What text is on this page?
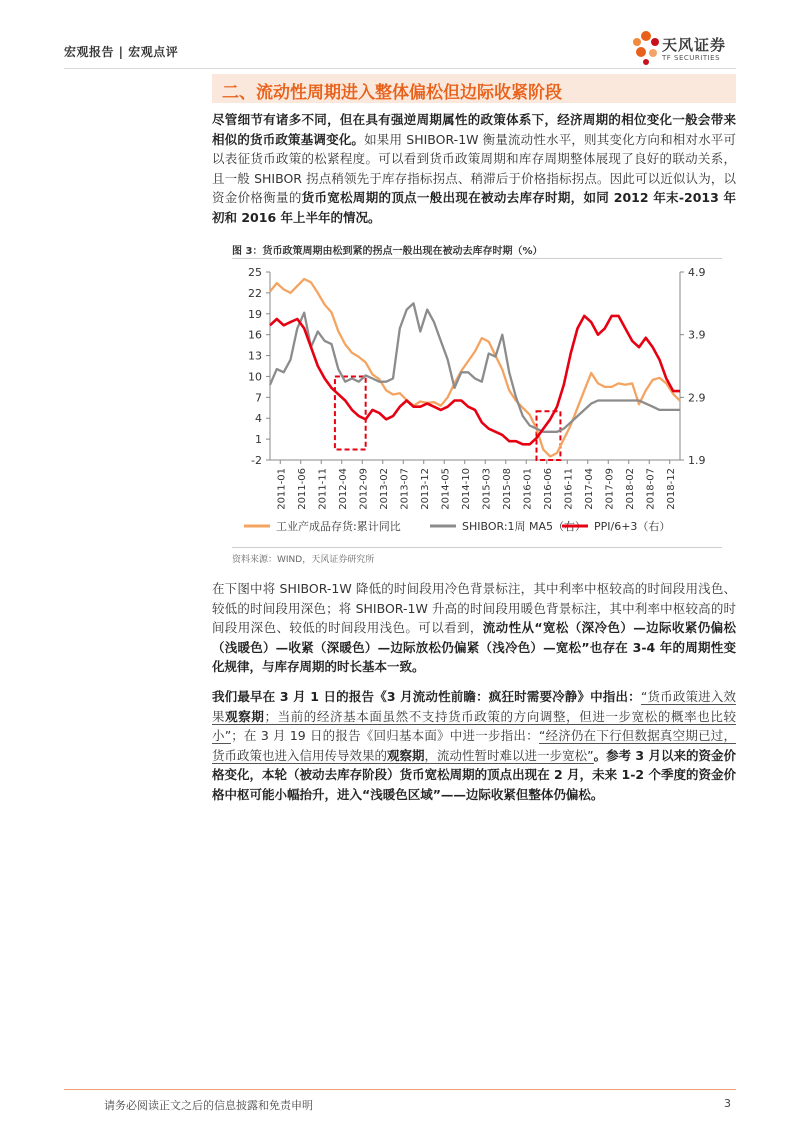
宏观报告 | 宏观点评	天风证券
TF SECURITIES
二、流动性周期进入整体偏松但边际收紧阶段
尽管细节有诸多不同，但在具有强逆周期属性的政策体系下，经济周期的相位变化一般会带来相似的货币政策基调变化。如果用 SHIBOR-1W 衡量流动性水平，则其变化方向和相对水平可以表征货币政策的松紧程度。可以看到货币政策周期和库存周期整体展现了良好的联动关系，且一般 SHIBOR 拐点稍领先于库存指标拐点、稍滞后于价格指标拐点。因此可以近似认为，以资金价格衡量的货币宽松周期的顶点一般出现在被动去库存时期，如同 2012 年末-2013 年初和 2016 年上半年的情况。
图 3：货币政策周期由松到紧的拐点一般出现在被动去库存时期（%）
-2
1
4
7
10
13
16
19
22
25
1.9
2.9
3.9
4.9
2011-01 2011-06 2011-11 2012-04 2012-09 2013-02 2013-07 2013-12 2014-05 2014-10 2015-03 2015-08 2016-01 2016-06 2016-11 2017-04 2017-09 2018-02 2018-07 2018-12
工业产成品存货:累计同比	SHIBOR:1周 MA5（右） PPI/6+3（右）
资料来源：WIND，天风证券研究所
在下图中将 SHIBOR-1W 降低的时间段用冷色背景标注，其中利率中枢较高的时间段用浅色、较低的时间段用深色；将 SHIBOR-1W 升高的时间段用暖色背景标注，其中利率中枢较高的时间段用深色、较低的时间段用浅色。可以看到，流动性从“宽松（深冷色）—边际收紧仍偏松（浅暖色）—收紧（深暖色）—边际放松仍偏紧（浅冷色）—宽松”也存在 3-4 年的周期性变化规律，与库存周期的时长基本一致。
我们最早在 3 月 1 日的报告《3 月流动性前瞻：疯狂时需要冷静》中指出：“货币政策进入效果观察期；当前的经济基本面虽然不支持货币政策的方向调整，但进一步宽松的概率也比较小”；在 3 月 19 日的报告《回归基本面》中进一步指出：“经济仍在下行但数据真空期已过，货币政策也进入信用传导效果的观察期，流动性暂时难以进一步宽松”。参考 3 月以来的资金价格变化，本轮（被动去库存阶段）货币宽松周期的顶点出现在 2 月，未来 1-2 个季度的资金价格中枢可能小幅抬升，进入“浅暖色区域”——边际收紧但整体仍偏松。
请务必阅读正文之后的信息披露和免责申明	3
